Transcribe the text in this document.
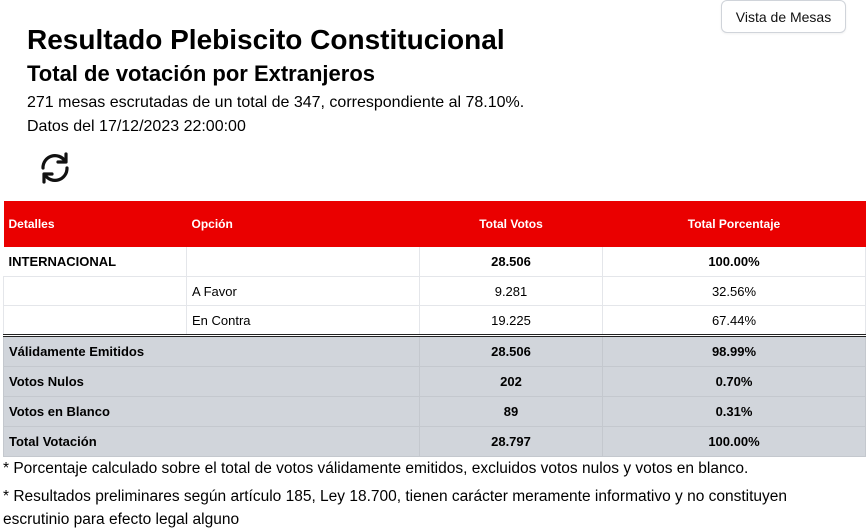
Vista de Mesas
Resultado Plebiscito Constitucional
Total de votación por Extranjeros
271 mesas escrutadas de un total de 347, correspondiente al 78.10%.
Datos del 17/12/2023 22:00:00
Detalles	Opción	Total Votos	Total Porcentaje
INTERNACIONAL		28.506	100.00%
	A Favor	9.281	32.56%
	En Contra	19.225	67.44%
Válidamente Emitidos		28.506	98.99%
Votos Nulos		202	0.70%
Votos en Blanco		89	0.31%
Total Votación		28.797	100.00%
* Porcentaje calculado sobre el total de votos válidamente emitidos, excluidos votos nulos y votos en blanco.
* Resultados preliminares según artículo 185, Ley 18.700, tienen carácter meramente informativo y no constituyen escrutinio para efecto legal alguno
